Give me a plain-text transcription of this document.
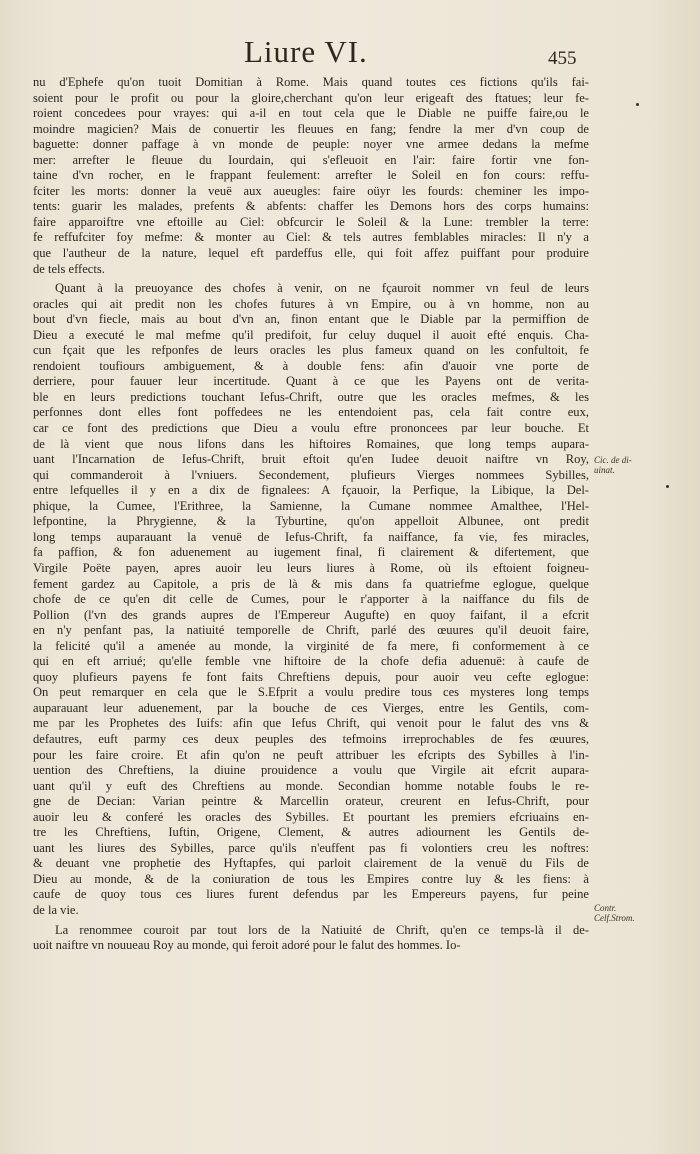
Liure VI.	455
nu d'Ephefe qu'on tuoit Domitian à Rome. Mais quand toutes ces fictions qu'ils fai-
soient pour le profit ou pour la gloire,cherchant qu'on leur erigeaft des ftatues; leur fe-
roient concedees pour vrayes: qui a-il en tout cela que le Diable ne puiffe faire,ou le
moindre magicien? Mais de conuertir les fleuues en fang; fendre la mer d'vn coup de
baguette: donner paffage à vn monde de peuple: noyer vne armee dedans la mefme
mer: arrefter le fleuue du Iourdain, qui s'efleuoit en l'air: faire fortir vne fon-
taine d'vn rocher, en le frappant feulement: arrefter le Soleil en fon cours: reffu-
fciter les morts: donner la veuë aux aueugles: faire oüyr les fourds: cheminer les impo-
tents: guarir les malades, prefents & abfents: chaffer les Demons hors des corps humains:
faire apparoiftre vne eftoille au Ciel: obfcurcir le Soleil & la Lune: trembler la terre:
fe reffufciter foy mefme: & monter au Ciel: & tels autres femblables miracles: Il n'y a
que l'autheur de la nature, lequel eft pardeffus elle, qui foit affez puiffant pour produire
de tels effects.
Quant à la preuoyance des chofes à venir, on ne fçauroit nommer vn feul de leurs
oracles qui ait predit non les chofes futures à vn Empire, ou à vn homme, non au
bout d'vn fiecle, mais au bout d'vn an, finon entant que le Diable par la permiffion de
Dieu a executé le mal mefme qu'il predifoit, fur celuy duquel il auoit efté enquis. Cha-
cun fçait que les refponfes de leurs oracles les plus fameux quand on les confultoit, fe
rendoient toufiours ambiguement, & à double fens: afin d'auoir vne porte de
derriere, pour fauuer leur incertitude. Quant à ce que les Payens ont de verita-
ble en leurs predictions touchant Iefus-Chrift, outre que les oracles mefmes, & les
perfonnes dont elles font poffedees ne les entendoient pas, cela fait contre eux,
car ce font des predictions que Dieu a voulu eftre prononcees par leur bouche. Et
de là vient que nous lifons dans les hiftoires Romaines, que long temps aupara-
uant l'Incarnation de Iefus-Chrift, bruit eftoit qu'en Iudee deuoit naiftre vn Roy,
qui commanderoit à l'vniuers. Secondement, plufieurs Vierges nommees Sybilles,
entre lefquelles il y en a dix de fignalees: A fçauoir, la Perfique, la Libique, la Del-
phique, la Cumee, l'Erithree, la Samienne, la Cumane nommee Amalthee, l'Hel-
lefpontine, la Phrygienne, & la Tyburtine, qu'on appelloit Albunee, ont predit
long temps auparauant la venuë de Iefus-Chrift, fa naiffance, fa vie, fes miracles,
fa paffion, & fon aduenement au iugement final, fi clairement & difertement, que
Virgile Poëte payen, apres auoir leu leurs liures à Rome, où ils eftoient foigneu-
fement gardez au Capitole, a pris de là & mis dans fa quatriefme eglogue, quelque
chofe de ce qu'en dit celle de Cumes, pour le r'apporter à la naiffance du fils de
Pollion (l'vn des grands aupres de l'Empereur Augufte) en quoy faifant, il a efcrit
en n'y penfant pas, la natiuité temporelle de Chrift, parlé des œuures qu'il deuoit faire,
la felicité qu'il a amenée au monde, la virginité de fa mere, fi conformement à ce
qui en eft arriué; qu'elle femble vne hiftoire de la chofe defia aduenuë: à caufe de
quoy plufieurs payens fe font faits Chreftiens depuis, pour auoir veu cefte eglogue:
On peut remarquer en cela que le S.Efprit a voulu predire tous ces mysteres long temps
auparauant leur aduenement, par la bouche de ces Vierges, entre les Gentils, com-
me par les Prophetes des Iuifs: afin que Iefus Chrift, qui venoit pour le falut des vns &
defautres, euft parmy ces deux peuples des tefmoins irreprochables de fes œuures,
pour les faire croire. Et afin qu'on ne peuft attribuer les efcripts des Sybilles à l'in-
uention des Chreftiens, la diuine prouidence a voulu que Virgile ait efcrit aupara-
uant qu'il y euft des Chreftiens au monde. Secondian homme notable foubs le re-
gne de Decian: Varian peintre & Marcellin orateur, creurent en Iefus-Chrift, pour
auoir leu & conferé les oracles des Sybilles. Et pourtant les premiers efcriuains en-
tre les Chreftiens, Iuftin, Origene, Clement, & autres adiournent les Gentils de-
uant les liures des Sybilles, parce qu'ils n'euffent pas fi volontiers creu les noftres:
& deuant vne prophetie des Hyftapfes, qui parloit clairement de la venuë du Fils de
Dieu au monde, & de la coniuration de tous les Empires contre luy & les fiens: à
caufe de quoy tous ces liures furent defendus par les Empereurs payens, fur peine
de la vie.
La renommee couroit par tout lors de la Natiuité de Chrift, qu'en ce temps-là il de-
uoit naiftre vn nouueau Roy au monde, qui feroit adoré pour le falut des hommes. Io-
Cic. de di-
uinat.
Contr.
Celf.Strom.
